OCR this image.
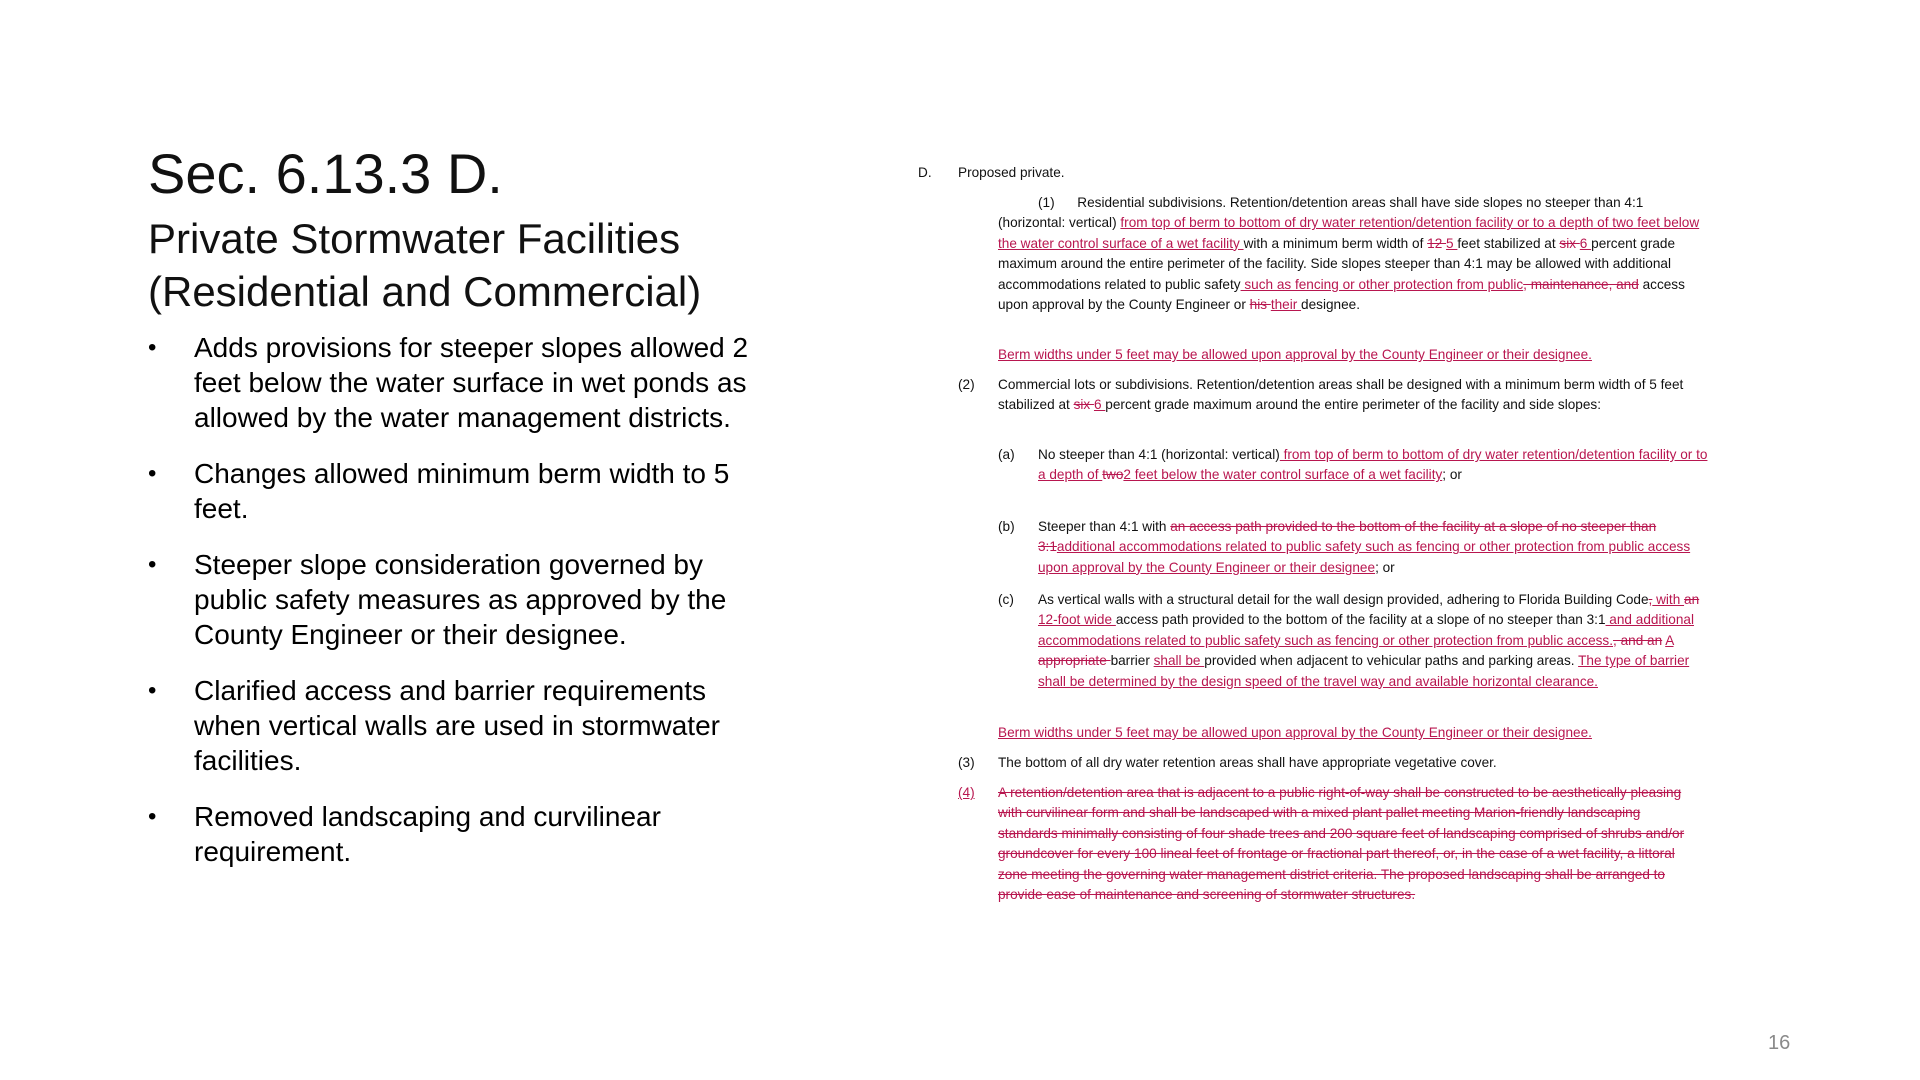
Sec. 6.13.3 D.
Private Stormwater Facilities (Residential and Commercial)
• Adds provisions for steeper slopes allowed 2 feet below the water surface in wet ponds as allowed by the water management districts.
• Changes allowed minimum berm width to 5 feet.
• Steeper slope consideration governed by public safety measures as approved by the County Engineer or their designee.
• Clarified access and barrier requirements when vertical walls are used in stormwater facilities.
• Removed landscaping and curvilinear requirement.
D. Proposed private.

(1) Residential subdivisions. Retention/detention areas shall have side slopes no steeper than 4:1 (horizontal: vertical) from top of berm to bottom of dry water retention/detention facility or to a depth of two feet below the water control surface of a wet facility with a minimum berm width of 12 5 feet stabilized at six 6 percent grade maximum around the entire perimeter of the facility. Side slopes steeper than 4:1 may be allowed with additional accommodations related to public safety such as fencing or other protection from public, maintenance, and access upon approval by the County Engineer or his their designee.

Berm widths under 5 feet may be allowed upon approval by the County Engineer or their designee.

(2) Commercial lots or subdivisions. Retention/detention areas shall be designed with a minimum berm width of 5 feet stabilized at six 6 percent grade maximum around the entire perimeter of the facility and side slopes:

(a) No steeper than 4:1 (horizontal: vertical) from top of berm to bottom of dry water retention/detention facility or to a depth of two2 feet below the water control surface of a wet facility; or

(b) Steeper than 4:1 with an access path provided to the bottom of the facility at a slope of no steeper than 3:1additional accommodations related to public safety such as fencing or other protection from public access upon approval by the County Engineer or their designee; or

(c) As vertical walls with a structural detail for the wall design provided, adhering to Florida Building Code, with an 12-foot wide access path provided to the bottom of the facility at a slope of no steeper than 3:1 and additional accommodations related to public safety such as fencing or other protection from public access., and an A appropriate barrier shall be provided when adjacent to vehicular paths and parking areas. The type of barrier shall be determined by the design speed of the travel way and available horizontal clearance.

Berm widths under 5 feet may be allowed upon approval by the County Engineer or their designee.

(3) The bottom of all dry water retention areas shall have appropriate vegetative cover.

(4) A retention/detention area that is adjacent to a public right-of-way shall be constructed to be aesthetically pleasing with curvilinear form and shall be landscaped with a mixed plant pallet meeting Marion-friendly landscaping standards minimally consisting of four shade trees and 200 square feet of landscaping comprised of shrubs and/or groundcover for every 100 lineal feet of frontage or fractional part thereof, or, in the case of a wet facility, a littoral zone meeting the governing water management district criteria. The proposed landscaping shall be arranged to provide ease of maintenance and screening of stormwater structures.

16
